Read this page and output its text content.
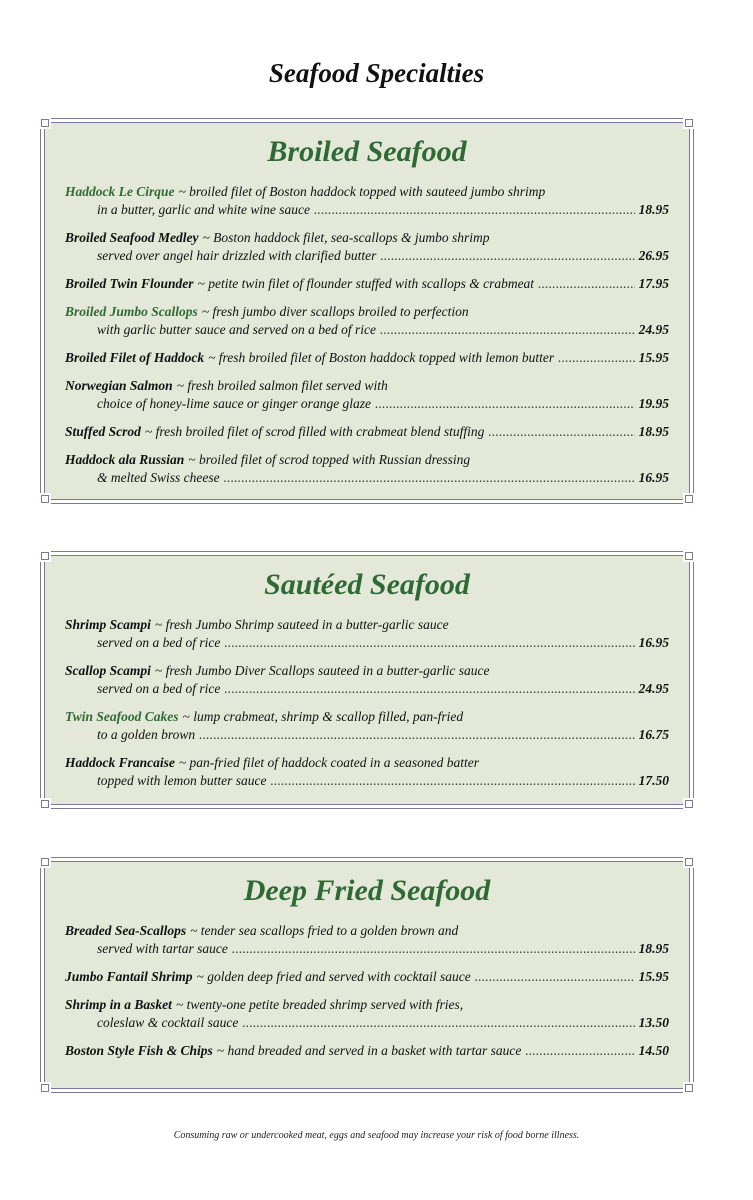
Seafood Specialties
Broiled Seafood
Haddock Le Cirque ~ broiled filet of Boston haddock topped with sauteed jumbo shrimp
in a butter, garlic and white wine sauce . . .	18.95
Broiled Seafood Medley ~ Boston haddock filet, sea-scallops & jumbo shrimp
served over angel hair drizzled with clarified butter . . .	26.95
Broiled Twin Flounder ~ petite twin filet of flounder stuffed with scallops & crabmeat . . .	17.95
Broiled Jumbo Scallops ~ fresh jumbo diver scallops broiled to perfection
with garlic butter sauce and served on a bed of rice . . .	24.95
Broiled Filet of Haddock ~ fresh broiled filet of Boston haddock topped with lemon butter . . .	15.95
Norwegian Salmon ~ fresh broiled salmon filet served with
choice of honey-lime sauce or ginger orange glaze . . .	19.95
Stuffed Scrod ~ fresh broiled filet of scrod filled with crabmeat blend stuffing . . .	18.95
Haddock ala Russian ~ broiled filet of scrod topped with Russian dressing
& melted Swiss cheese . . .	16.95
Sautéed Seafood
Shrimp Scampi ~ fresh Jumbo Shrimp sauteed in a butter-garlic sauce
served on a bed of rice . . .	16.95
Scallop Scampi ~ fresh Jumbo Diver Scallops sauteed in a butter-garlic sauce
served on a bed of rice . . .	24.95
Twin Seafood Cakes ~ lump crabmeat, shrimp & scallop filled, pan-fried
to a golden brown . . .	16.75
Haddock Francaise ~ pan-fried filet of haddock coated in a seasoned batter
topped with lemon butter sauce . . .	17.50
Deep Fried Seafood
Breaded Sea-Scallops ~ tender sea scallops fried to a golden brown and
served with tartar sauce . . .	18.95
Jumbo Fantail Shrimp ~ golden deep fried and served with cocktail sauce . . .	15.95
Shrimp in a Basket ~ twenty-one petite breaded shrimp served with fries,
coleslaw & cocktail sauce . . .	13.50
Boston Style Fish & Chips ~ hand breaded and served in a basket with tartar sauce . . .	14.50
Consuming raw or undercooked meat, eggs and seafood may increase your risk of food borne illness.
